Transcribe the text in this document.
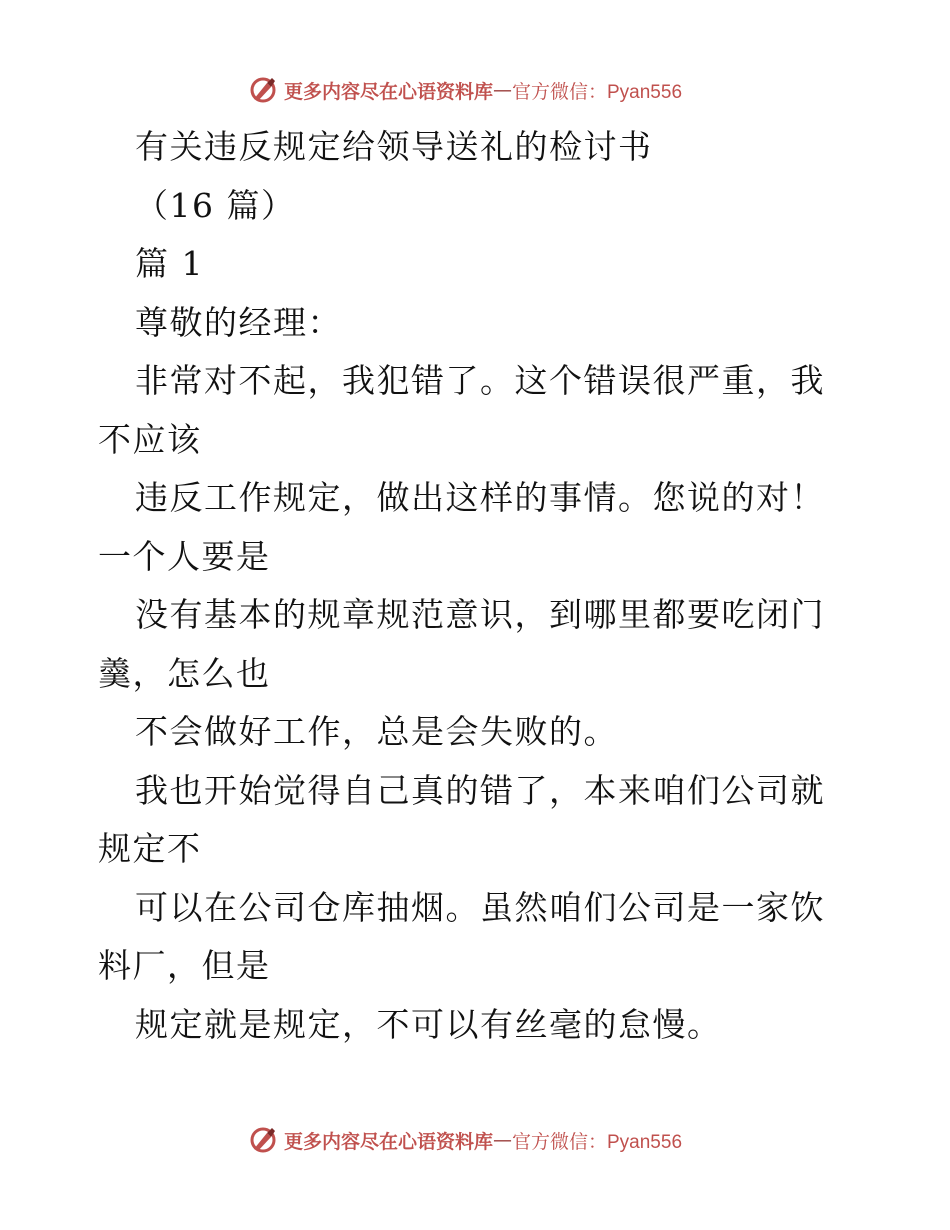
更多内容尽在心语资料库 — 官方微信：Pyan556

有关违反规定给领导送礼的检讨书

（16 篇）

篇 1

尊敬的经理：

非常对不起，我犯错了。这个错误很严重，我不应该

违反工作规定，做出这样的事情。您说的对！一个人要是

没有基本的规章规范意识，到哪里都要吃闭门羹，怎么也

不会做好工作，总是会失败的。

我也开始觉得自己真的错了，本来咱们公司就规定不

可以在公司仓库抽烟。虽然咱们公司是一家饮料厂，但是

规定就是规定，不可以有丝毫的怠慢。

更多内容尽在心语资料库 — 官方微信：Pyan556
